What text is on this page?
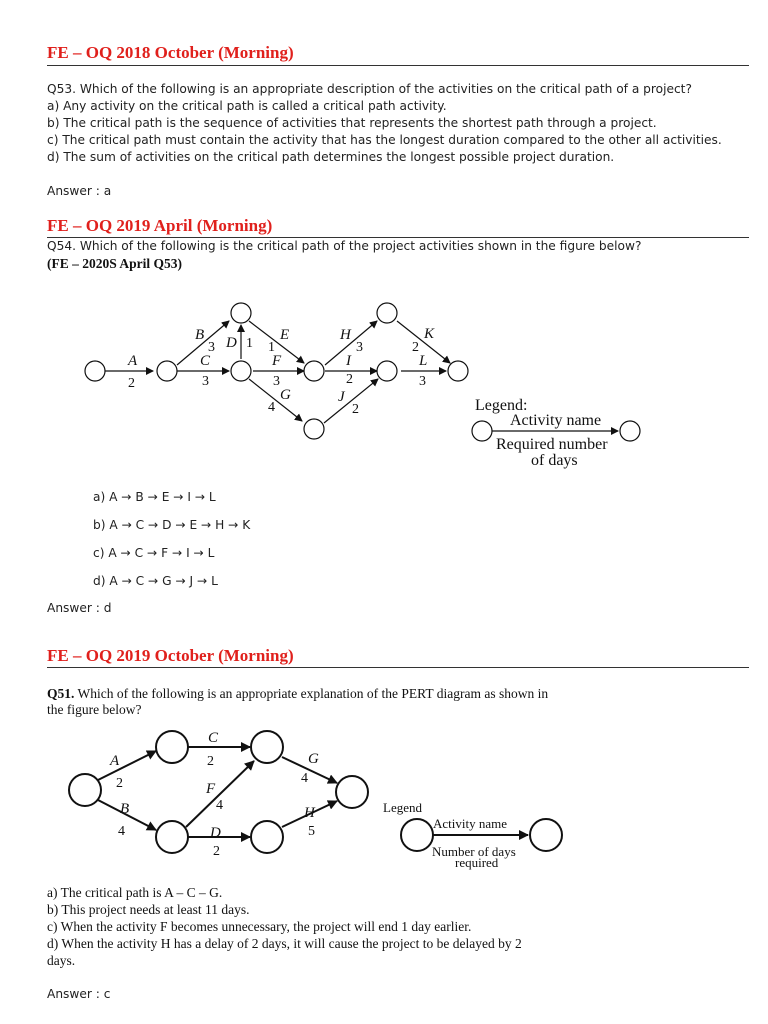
FE – OQ 2018 October (Morning)
Q53. Which of the following is an appropriate description of the activities on the critical path of a project?
a) Any activity on the critical path is called a critical path activity.
b) The critical path is the sequence of activities that represents the shortest path through a project.
c) The critical path must contain the activity that has the longest duration compared to the other all activities.
d) The sum of activities on the critical path determines the longest possible project duration.
Answer : a
FE – OQ 2019 April (Morning)
Q54. Which of the following is the critical path of the project activities shown in the figure below?
(FE – 2020S April Q53)
A
B
C
D	E
F
G
H
I
J
K
L
2
3
3
1 1
3
4
3
2
2
2
3
Legend:
Activity name
Required number
of days
a) A → B → E → I → L
b) A → C → D → E → H → K
c) A → C → F → I → L
d) A → C → G → J → L
Answer : d
FE – OQ 2019 October (Morning)
Q51. Which of the following is an appropriate explanation of the PERT diagram as shown in
the figure below?
A
B
C
D
F
G
H
2
4
2
2
4
4
5
Legend
Activity name
Number of days
required
a) The critical path is A – C – G.
b) This project needs at least 11 days.
c) When the activity F becomes unnecessary, the project will end 1 day earlier.
d) When the activity H has a delay of 2 days, it will cause the project to be delayed by 2
days.
Answer : c
